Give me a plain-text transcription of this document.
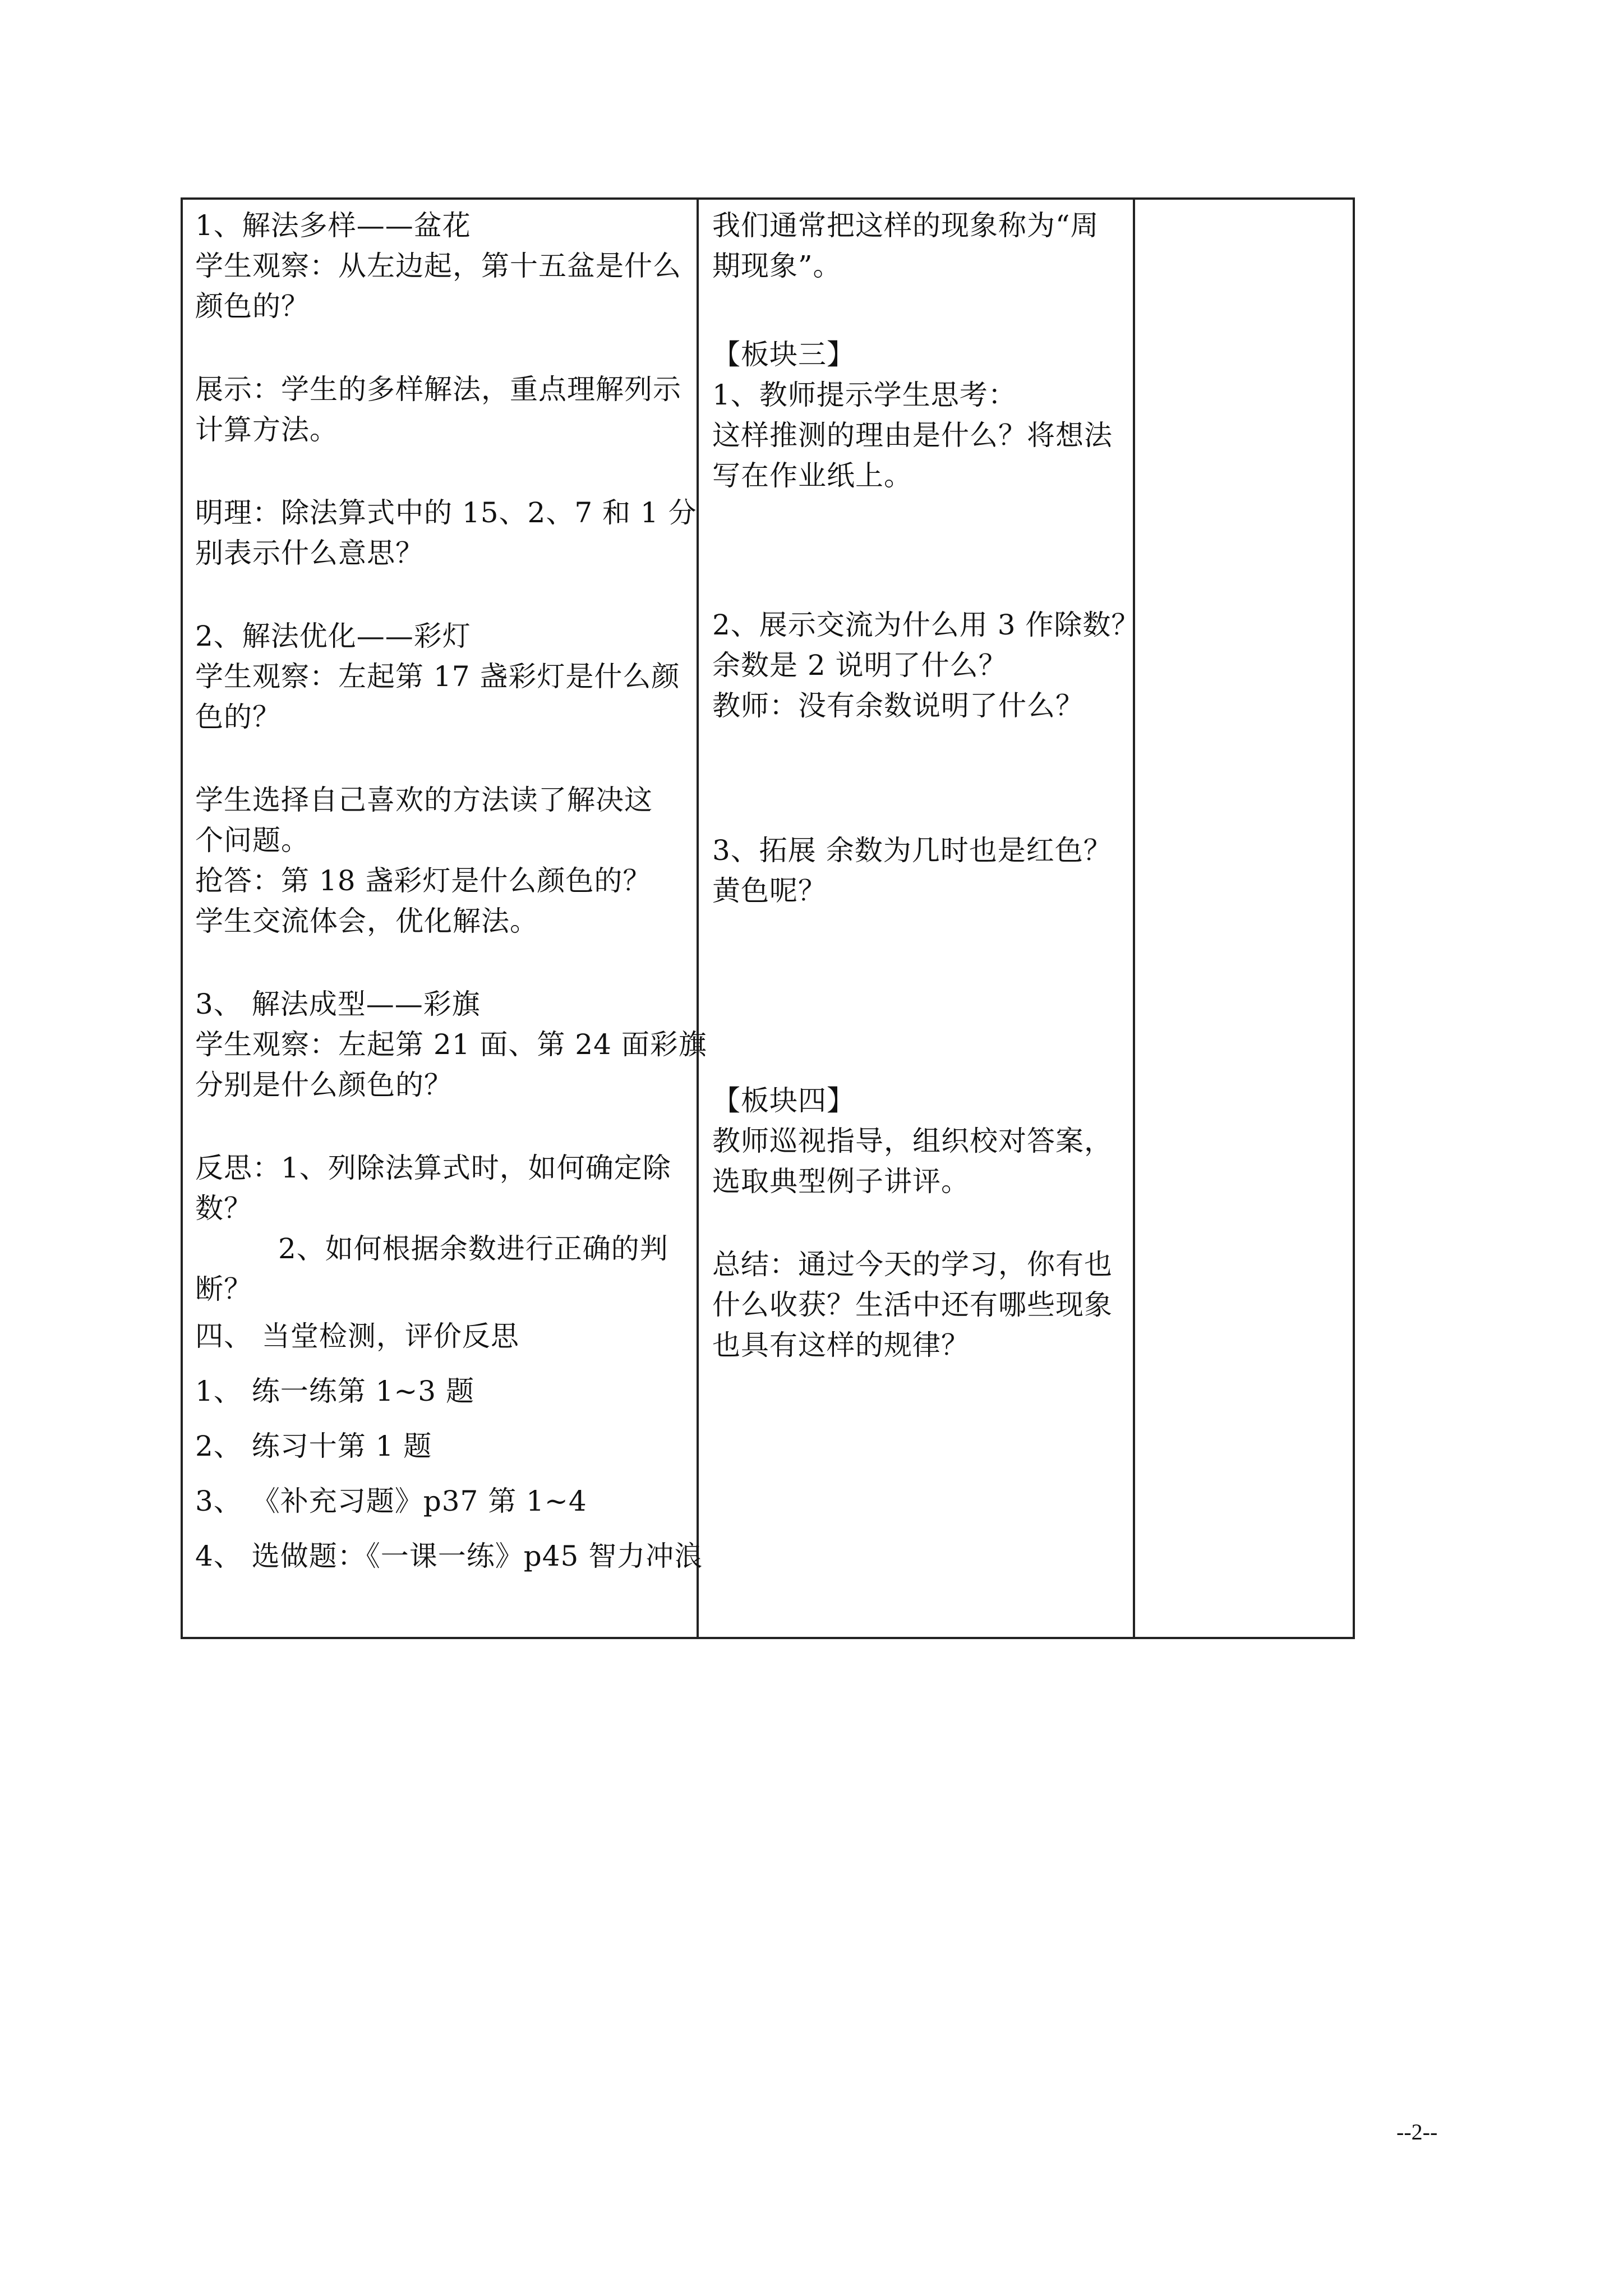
1、解法多样——盆花
学生观察：从左边起，第十五盆是什么
颜色的？
展示：学生的多样解法，重点理解列示
计算方法。
明理：除法算式中的 15、2、7 和 1 分
别表示什么意思？
2、解法优化——彩灯
学生观察：左起第 17 盏彩灯是什么颜
色的？
学生选择自己喜欢的方法读了解决这
个问题。
抢答：第 18 盏彩灯是什么颜色的？
学生交流体会，优化解法。
3、 解法成型——彩旗
学生观察：左起第 21 面、第 24 面彩旗
分别是什么颜色的？
反思：1、列除法算式时，如何确定除
数？
2、如何根据余数进行正确的判
断？
四、 当堂检测，评价反思
1、 练一练第 1~3 题
2、 练习十第 1 题
3、 《补充习题》p37 第 1~4
4、 选做题：《一课一练》p45 智力冲浪
我们通常把这样的现象称为“周
期现象”。
【板块三】
1、教师提示学生思考：
这样推测的理由是什么？将想法
写在作业纸上。
2、展示交流为什么用 3 作除数？
余数是 2 说明了什么？
教师：没有余数说明了什么？
3、拓展 余数为几时也是红色？
黄色呢？
【板块四】
教师巡视指导，组织校对答案，
选取典型例子讲评。
总结：通过今天的学习，你有也
什么收获？生活中还有哪些现象
也具有这样的规律？
--2--
